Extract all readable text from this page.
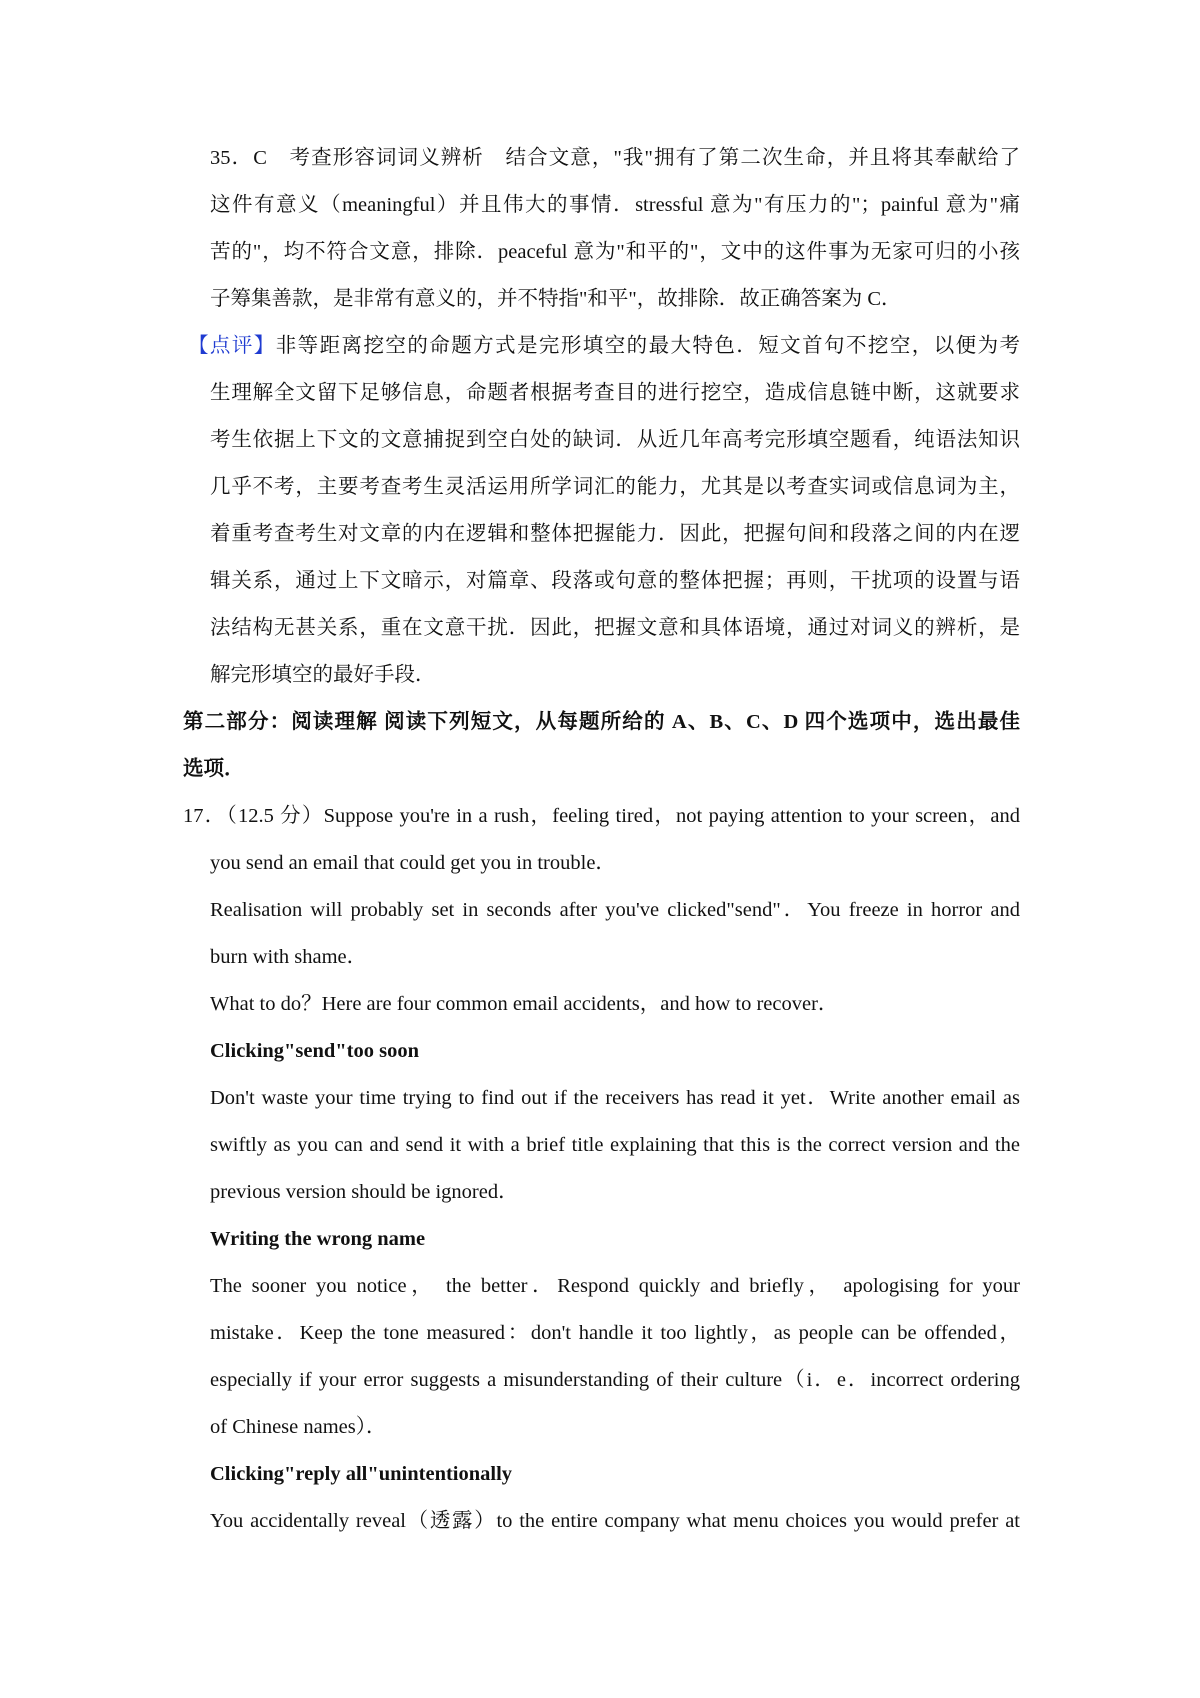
35．C　考查形容词词义辨析　结合文意，"我"拥有了第二次生命，并且将其奉献给了
这件有意义（meaningful）并且伟大的事情．stressful 意为"有压力的"；painful 意为"痛
苦的"，均不符合文意，排除．peaceful 意为"和平的"，文中的这件事为无家可归的小孩
子筹集善款，是非常有意义的，并不特指"和平"，故排除．故正确答案为 C．
【点评】非等距离挖空的命题方式是完形填空的最大特色．短文首句不挖空，以便为考
生理解全文留下足够信息，命题者根据考查目的进行挖空，造成信息链中断，这就要求
考生依据上下文的文意捕捉到空白处的缺词．从近几年高考完形填空题看，纯语法知识
几乎不考，主要考查考生灵活运用所学词汇的能力，尤其是以考查实词或信息词为主，
着重考查考生对文章的内在逻辑和整体把握能力．因此，把握句间和段落之间的内在逻
辑关系，通过上下文暗示，对篇章、段落或句意的整体把握；再则，干扰项的设置与语
法结构无甚关系，重在文意干扰．因此，把握文意和具体语境，通过对词义的辨析，是
解完形填空的最好手段．
第二部分：阅读理解 阅读下列短文，从每题所给的 A、B、C、D 四个选项中，选出最佳
选项．
17．（12.5 分）Suppose you're in a rush，feeling tired，not paying attention to your screen，and
you send an email that could get you in trouble．
Realisation will probably set in seconds after you've clicked"send"．You freeze in horror and
burn with shame．
What to do？Here are four common email accidents，and how to recover．
Clicking"send"too soon
Don't waste your time trying to find out if the receivers has read it yet．Write another email as
swiftly as you can and send it with a brief title explaining that this is the correct version and the
previous version should be ignored．
Writing the wrong name
The sooner you notice， the better．Respond quickly and briefly， apologising for your
mistake．Keep the tone measured：don't handle it too lightly，as people can be offended，
especially if your error suggests a misunderstanding of their culture（i．e．incorrect ordering
of Chinese names）．
Clicking"reply all"unintentionally
You accidentally reveal（透露）to the entire company what menu choices you would prefer at
